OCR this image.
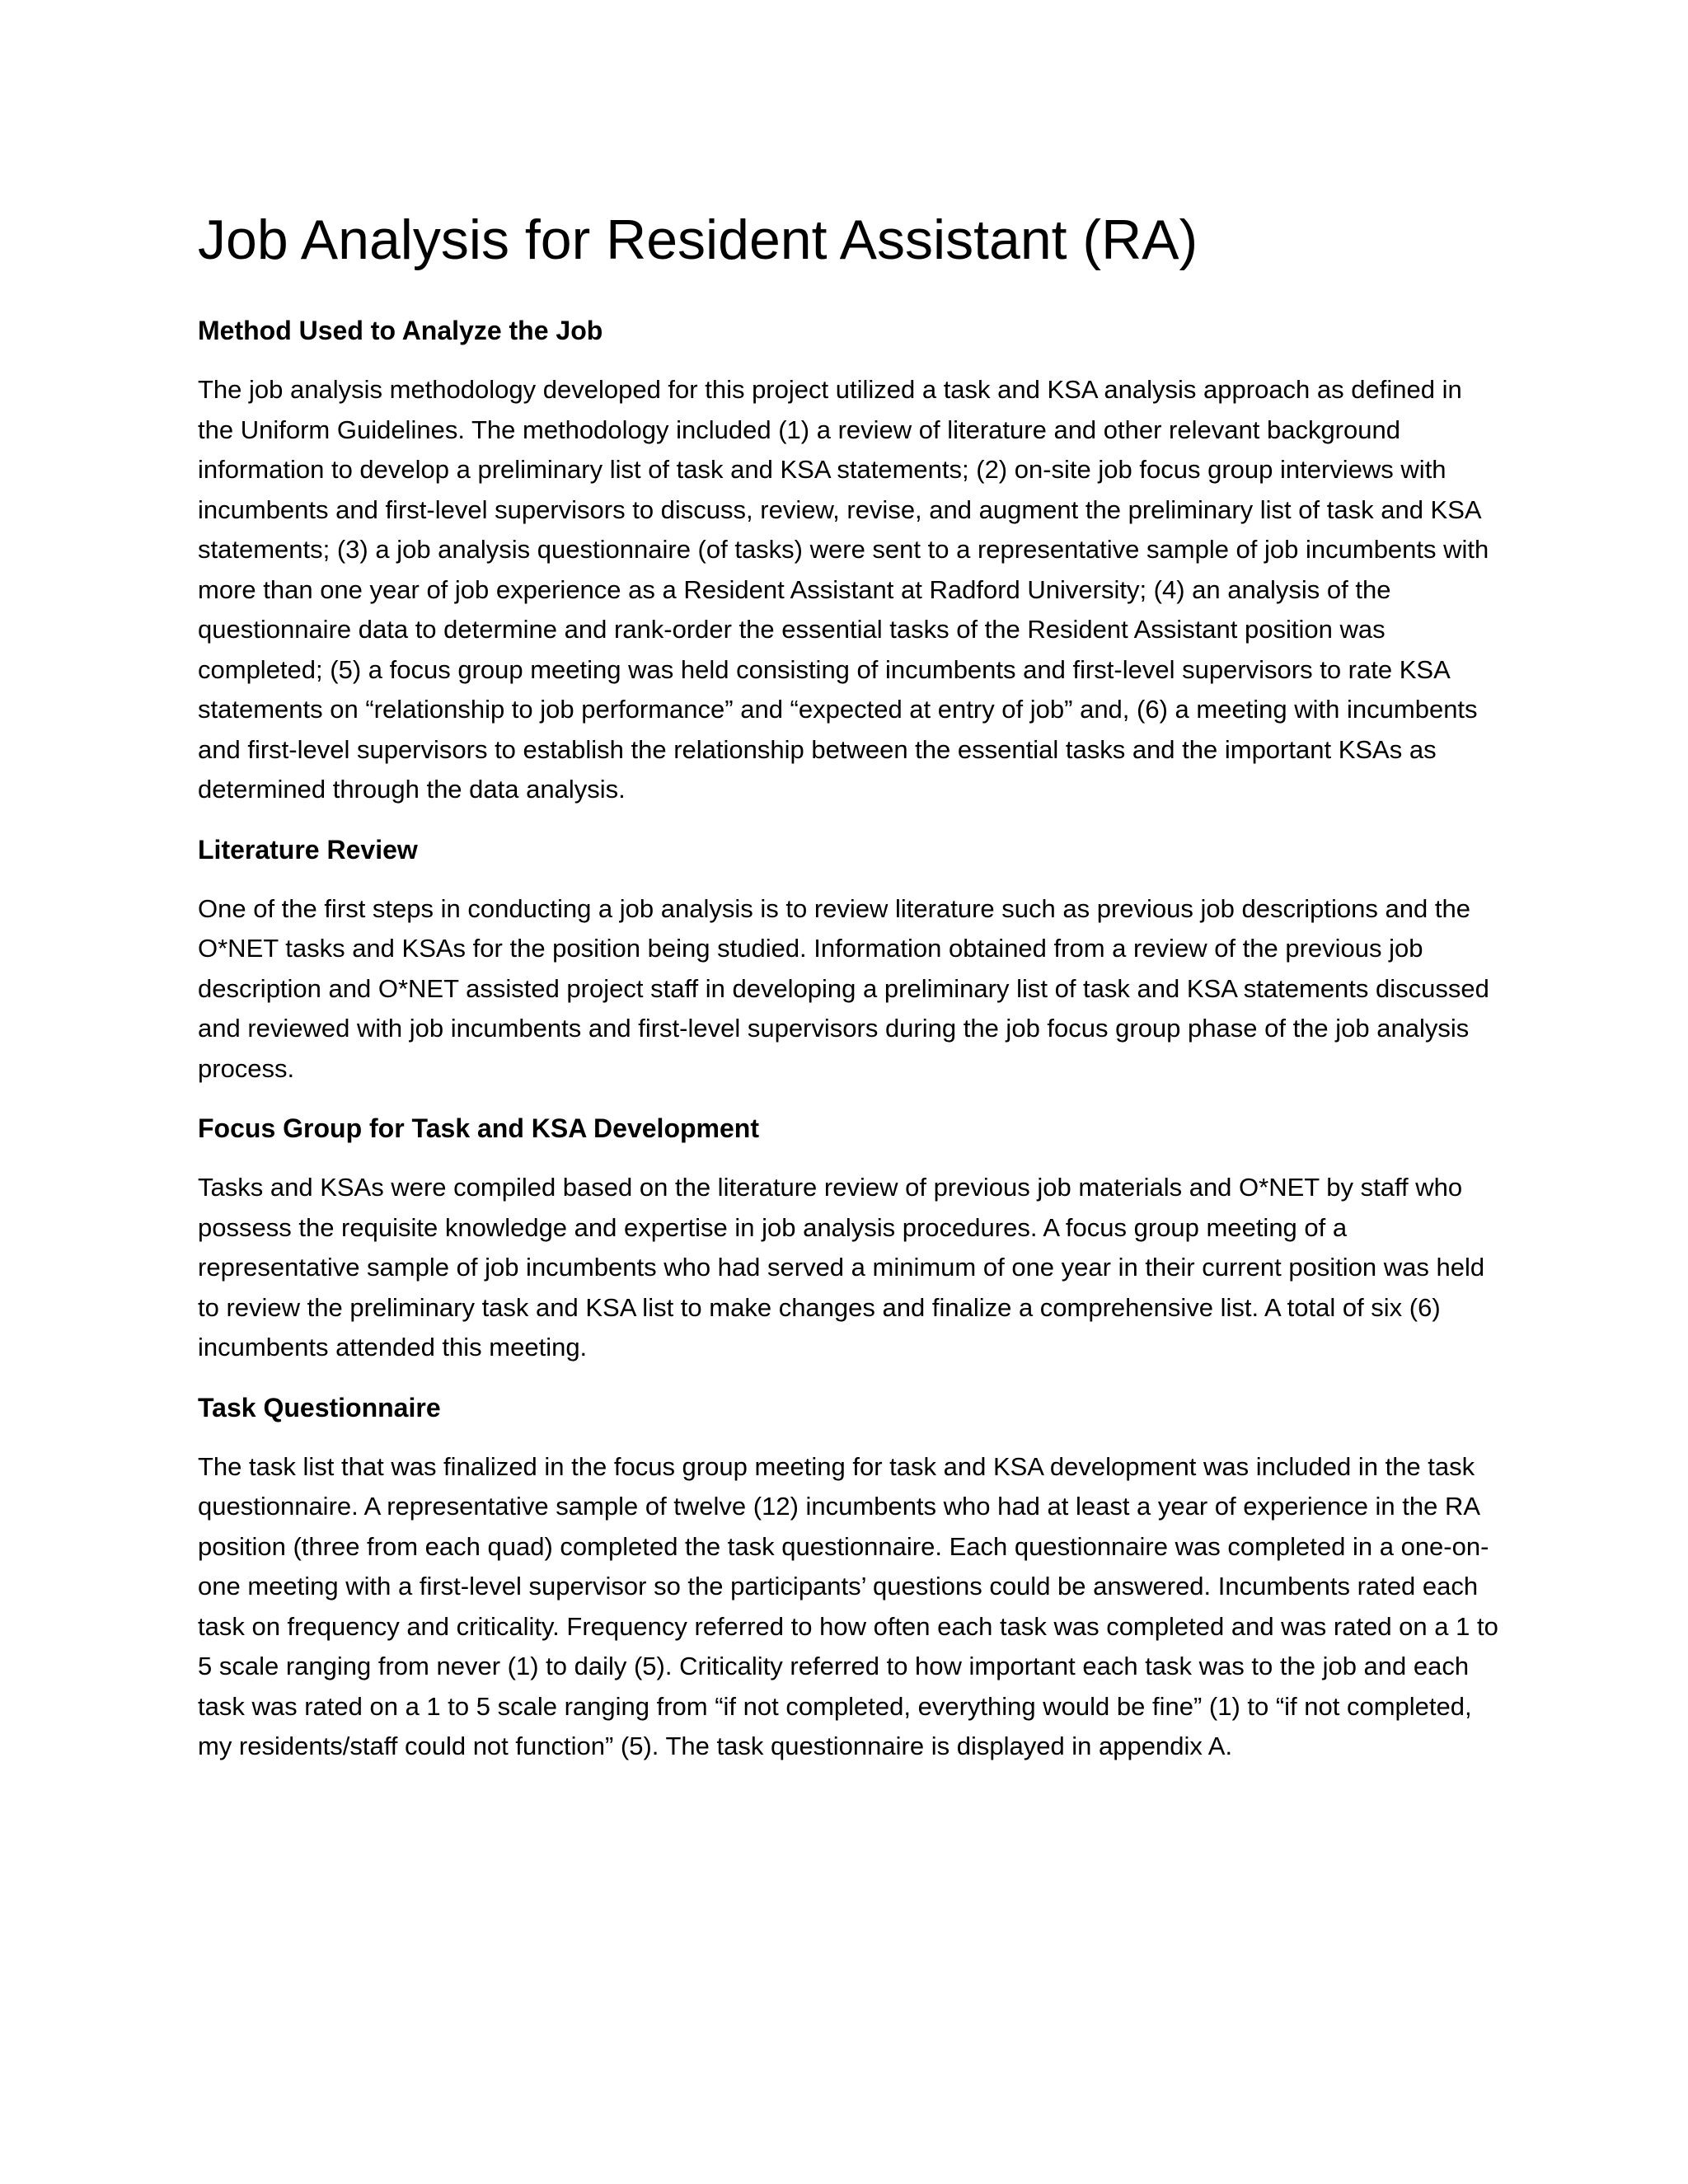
Job Analysis for Resident Assistant (RA)
Method Used to Analyze the Job

The job analysis methodology developed for this project utilized a task and KSA analysis approach as defined in the Uniform Guidelines. The methodology included (1) a review of literature and other relevant background information to develop a preliminary list of task and KSA statements; (2) on-site job focus group interviews with incumbents and first-level supervisors to discuss, review, revise, and augment the preliminary list of task and KSA statements; (3) a job analysis questionnaire (of tasks) were sent to a representative sample of job incumbents with more than one year of job experience as a Resident Assistant at Radford University; (4) an analysis of the questionnaire data to determine and rank-order the essential tasks of the Resident Assistant position was completed; (5) a focus group meeting was held consisting of incumbents and first-level supervisors to rate KSA statements on “relationship to job performance” and “expected at entry of job” and, (6) a meeting with incumbents and first-level supervisors to establish the relationship between the essential tasks and the important KSAs as determined through the data analysis.

Literature Review

One of the first steps in conducting a job analysis is to review literature such as previous job descriptions and the O*NET tasks and KSAs for the position being studied. Information obtained from a review of the previous job description and O*NET assisted project staff in developing a preliminary list of task and KSA statements discussed and reviewed with job incumbents and first-level supervisors during the job focus group phase of the job analysis process.

Focus Group for Task and KSA Development

Tasks and KSAs were compiled based on the literature review of previous job materials and O*NET by staff who possess the requisite knowledge and expertise in job analysis procedures. A focus group meeting of a representative sample of job incumbents who had served a minimum of one year in their current position was held to review the preliminary task and KSA list to make changes and finalize a comprehensive list. A total of six (6) incumbents attended this meeting.

Task Questionnaire

The task list that was finalized in the focus group meeting for task and KSA development was included in the task questionnaire. A representative sample of twelve (12) incumbents who had at least a year of experience in the RA position (three from each quad) completed the task questionnaire. Each questionnaire was completed in a one-on-one meeting with a first-level supervisor so the participants’ questions could be answered. Incumbents rated each task on frequency and criticality. Frequency referred to how often each task was completed and was rated on a 1 to 5 scale ranging from never (1) to daily (5). Criticality referred to how important each task was to the job and each task was rated on a 1 to 5 scale ranging from “if not completed, everything would be fine” (1) to “if not completed, my residents/staff could not function” (5). The task questionnaire is displayed in appendix A.
